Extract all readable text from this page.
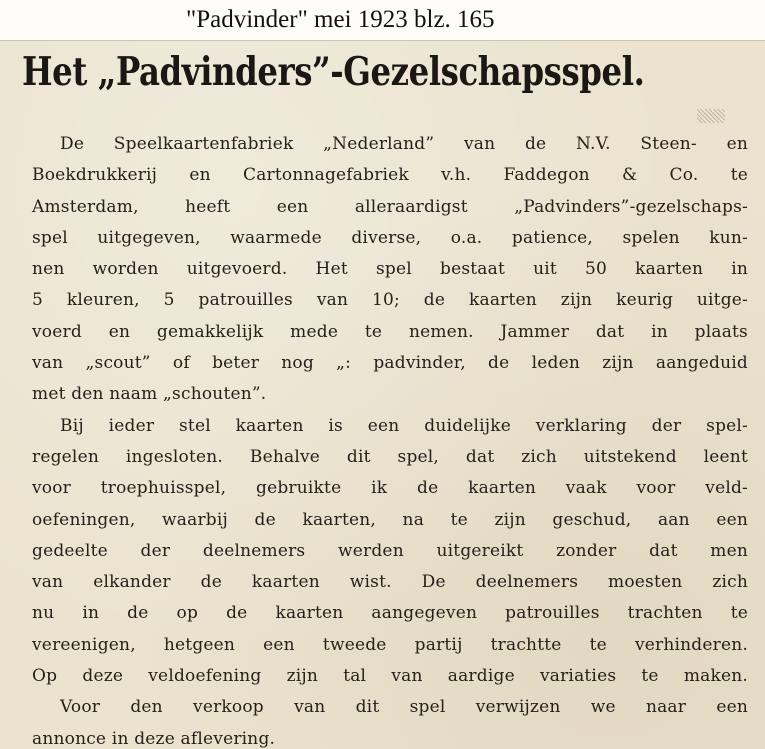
"Padvinder" mei 1923 blz. 165
Het „Padvinders”-Gezelschapsspel.
De Speelkaartenfabriek „Nederland” van de N.V. Steen- en
Boekdrukkerij en Cartonnagefabriek v.h. Faddegon & Co. te
Amsterdam, heeft een alleraardigst „Padvinders”-gezelschaps-
spel uitgegeven, waarmede diverse, o.a. patience, spelen kun-
nen worden uitgevoerd. Het spel bestaat uit 50 kaarten in
5 kleuren, 5 patrouilles van 10; de kaarten zijn keurig uitge-
voerd en gemakkelijk mede te nemen. Jammer dat in plaats
van „scout” of beter nog „: padvinder, de leden zijn aangeduid
met den naam „schouten”.
Bij ieder stel kaarten is een duidelijke verklaring der spel-
regelen ingesloten. Behalve dit spel, dat zich uitstekend leent
voor troephuisspel, gebruikte ik de kaarten vaak voor veld-
oefeningen, waarbij de kaarten, na te zijn geschud, aan een
gedeelte der deelnemers werden uitgereikt zonder dat men
van elkander de kaarten wist. De deelnemers moesten zich
nu in de op de kaarten aangegeven patrouilles trachten te
vereenigen, hetgeen een tweede partij trachtte te verhinderen.
Op deze veldoefening zijn tal van aardige variaties te maken.
Voor den verkoop van dit spel verwijzen we naar een
annonce in deze aflevering.
